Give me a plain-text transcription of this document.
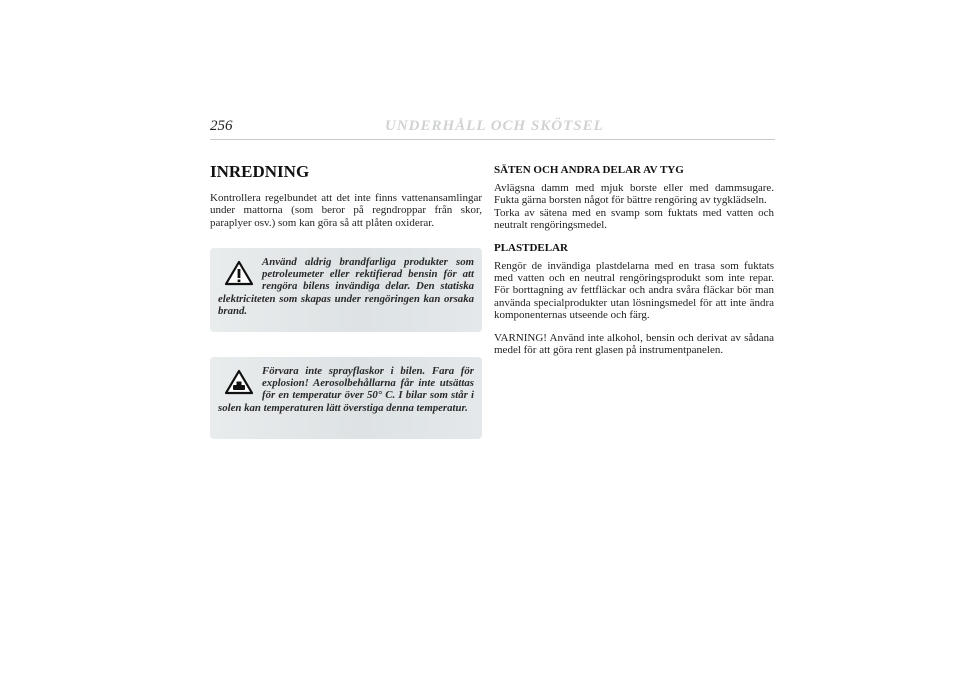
256	UNDERHÅLL OCH SKÖTSEL
INREDNING

Kontrollera regelbundet att det inte finns vattenansamlingar under mattorna (som beror på regndroppar från skor, paraplyer osv.) som kan göra så att plåten oxiderar.

Använd aldrig brandfarliga produkter som petroleumeter eller rektifierad bensin för att rengöra bilens invändiga delar. Den statiska elektriciteten som skapas under rengöringen kan orsaka brand.

Förvara inte sprayflaskor i bilen. Fara för explosion! Aerosolbehållarna får inte utsättas för en temperatur över 50° C. I bilar som står i solen kan temperaturen lätt överstiga denna temperatur.

SÄTEN OCH ANDRA DELAR AV TYG

Avlägsna damm med mjuk borste eller med dammsugare. Fukta gärna borsten något för bättre rengöring av tygklädseln.

Torka av sätena med en svamp som fuktats med vatten och neutralt rengöringsmedel.

PLASTDELAR

Rengör de invändiga plastdelarna med en trasa som fuktats med vatten och en neutral rengöringsprodukt som inte repar. För borttagning av fettfläckar och andra svåra fläckar bör man använda specialprodukter utan lösningsmedel för att inte ändra komponenternas utseende och färg.

VARNING! Använd inte alkohol, bensin och derivat av sådana medel för att göra rent glasen på instrumentpanelen.
